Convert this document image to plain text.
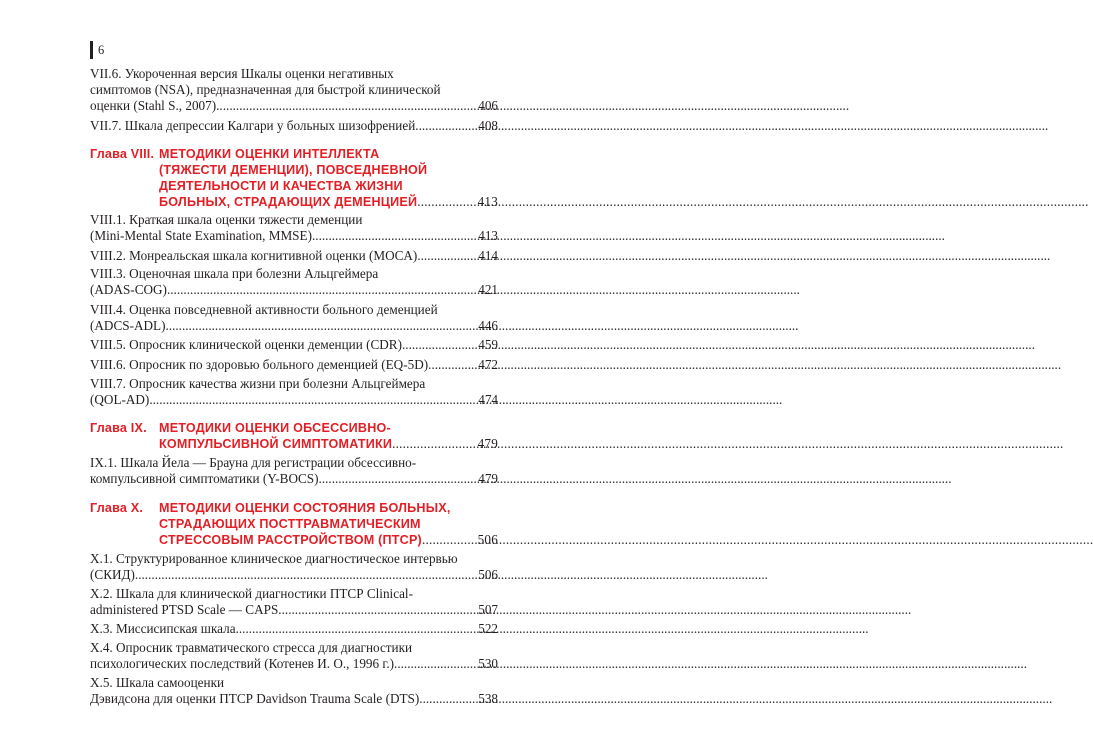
6
VII.6. Укороченная версия Шкалы оценки негативных
симптомов (NSA), предназначенная для быстрой клинической
оценки (Stahl S., 2007) .....	406
VII.7. Шкала депрессии Калгари у больных шизофренией .....	408
Глава VIII. МЕТОДИКИ ОЦЕНКИ ИНТЕЛЛЕКТА
(ТЯЖЕСТИ ДЕМЕНЦИИ), ПОВСЕДНЕВНОЙ
ДЕЯТЕЛЬНОСТИ И КАЧЕСТВА ЖИЗНИ
БОЛЬНЫХ, СТРАДАЮЩИХ ДЕМЕНЦИЕЙ .....	413
VIII.1. Краткая шкала оценки тяжести деменции
(Mini-Mental State Examination, MMSE) .....	413
VIII.2. Монреальская шкала когнитивной оценки (MOCA) .....	414
VIII.3. Оценочная шкала при болезни Альцгеймера
(ADAS-COG) .....	421
VIII.4. Оценка повседневной активности больного деменцией
(ADCS-ADL) .....	446
VIII.5. Опросник клинической оценки деменции (CDR) .....	459
VIII.6. Опросник по здоровью больного деменцией (EQ-5D) .....	472
VIII.7. Опросник качества жизни при болезни Альцгеймера
(QOL-AD) .....	474
Глава IX. МЕТОДИКИ ОЦЕНКИ ОБСЕССИВНО-
КОМПУЛЬСИВНОЙ СИМПТОМАТИКИ .....	479
IX.1. Шкала Йела — Брауна для регистрации обсессивно-
компульсивной симптоматики (Y-BOCS) .....	479
Глава X. МЕТОДИКИ ОЦЕНКИ СОСТОЯНИЯ БОЛЬНЫХ,
СТРАДАЮЩИХ ПОСТТРАВМАТИЧЕСКИМ
СТРЕССОВЫМ РАССТРОЙСТВОМ (ПТСР) .....	506
X.1. Структурированное клиническое диагностическое интервью
(СКИД) .....	506
X.2. Шкала для клинической диагностики ПТСР Clinical-
administered PTSD Scale — CAPS .....	507
X.3. Миссисипская шкала .....	522
X.4. Опросник травматического стресса для диагностики
психологических последствий (Котенев И. О., 1996 г.) .....	530
X.5. Шкала самооценки
Дэвидсона для оценки ПТСР Davidson Trauma Scale (DTS) .....	538
